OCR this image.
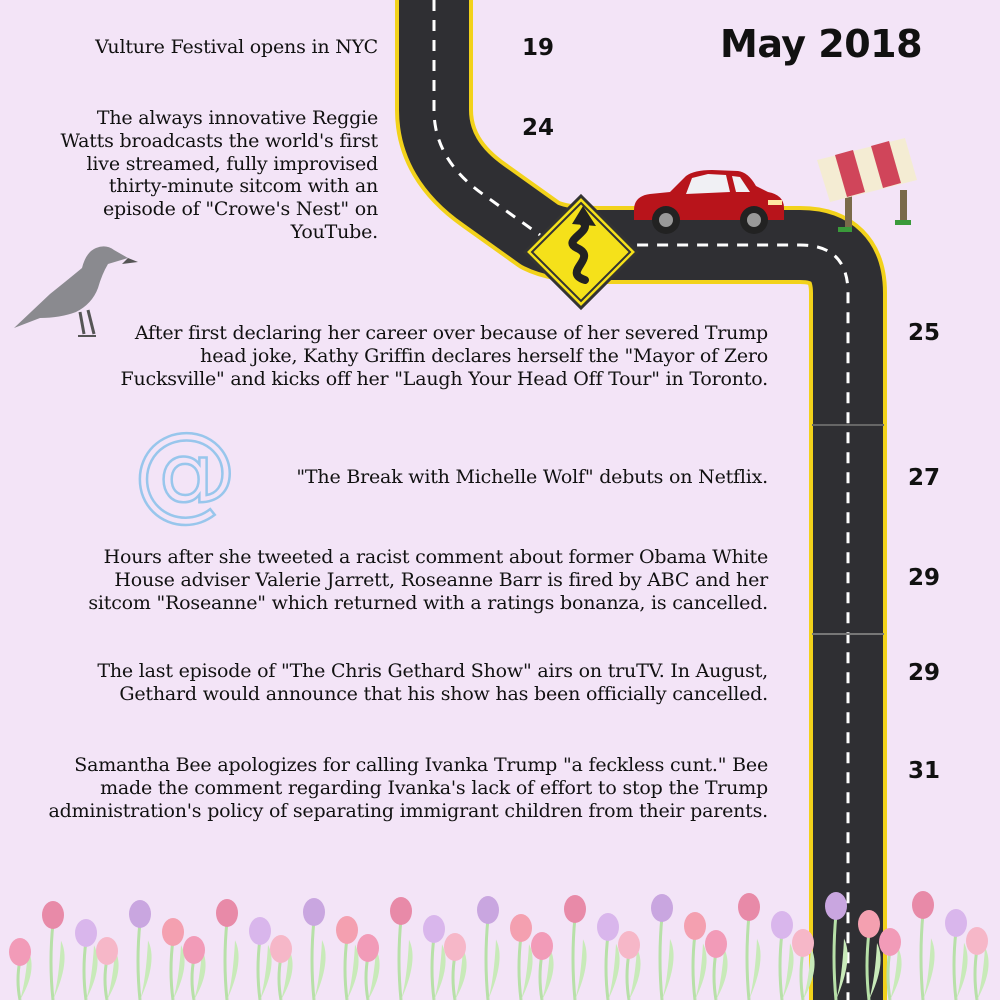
@
May 2018
Vulture Festival opens in NYC	19
The always innovative Reggie Watts broadcasts the world's first live streamed, fully improvised thirty-minute sitcom with an episode of "Crowe's Nest" on YouTube.
24
After first declaring her career over because of her severed Trump head joke, Kathy Griffin declares herself the "Mayor of Zero Fucksville" and kicks off her "Laugh Your Head Off Tour" in Toronto.
25
"The Break with Michelle Wolf" debuts on Netflix.	27
Hours after she tweeted a racist comment about former Obama White House adviser Valerie Jarrett, Roseanne Barr is fired by ABC and her sitcom "Roseanne" which returned with a ratings bonanza, is cancelled.
29
The last episode of "The Chris Gethard Show" airs on truTV. In August, Gethard would announce that his show has been officially cancelled.
29
Samantha Bee apologizes for calling Ivanka Trump "a feckless cunt." Bee made the comment regarding Ivanka's lack of effort to stop the Trump administration's policy of separating immigrant children from their parents.
31
